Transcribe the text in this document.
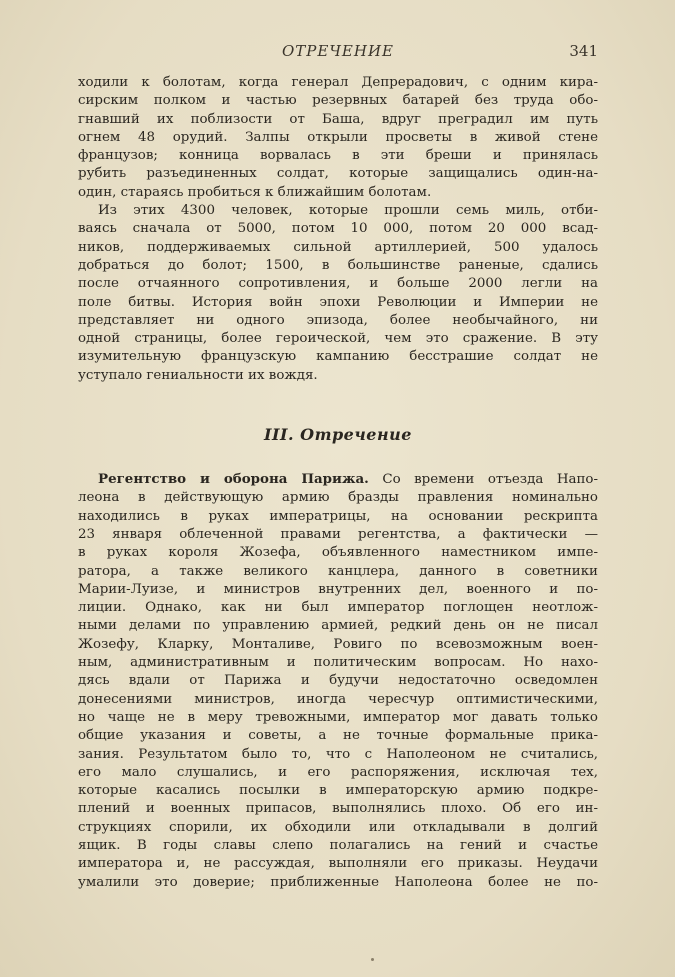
ОТРЕЧЕНИЕ	341
ходили к болотам, когда генерал Депрерадович, с одним кира-
сирским полком и частью резервных батарей без труда обо-
гнавший их поблизости от Баша, вдруг преградил им путь
огнем 48 орудий. Залпы открыли просветы в живой стене
французов; конница ворвалась в эти бреши и принялась
рубить разъединенных солдат, которые защищались один-на-
один, стараясь пробиться к ближайшим болотам.
Из этих 4300 человек, которые прошли семь миль, отби-
ваясь сначала от 5000, потом 10 000, потом 20 000 всад-
ников, поддерживаемых сильной артиллерией, 500 удалось
добраться до болот; 1500, в большинстве раненые, сдались
после отчаянного сопротивления, и больше 2000 легли на
поле битвы. История войн эпохи Революции и Империи не
представляет ни одного эпизода, более необычайного, ни
одной страницы, более героической, чем это сражение. В эту
изумительную французскую кампанию бесстрашие солдат не
уступало гениальности их вождя.
III. Отречение
Регентство и оборона Парижа. Со времени отъезда Напо-
леона в действующую армию бразды правления номинально
находились в руках императрицы, на основании рескрипта
23 января облеченной правами регентства, а фактически —
в руках короля Жозефа, объявленного наместником импе-
ратора, а также великого канцлера, данного в советники
Марии-Луизе, и министров внутренних дел, военного и по-
лиции. Однако, как ни был император поглощен неотлож-
ными делами по управлению армией, редкий день он не писал
Жозефу, Кларку, Монталиве, Ровиго по всевозможным воен-
ным, административным и политическим вопросам. Но нахо-
дясь вдали от Парижа и будучи недостаточно осведомлен
донесениями министров, иногда чересчур оптимистическими,
но чаще не в меру тревожными, император мог давать только
общие указания и советы, а не точные формальные прика-
зания. Результатом было то, что с Наполеоном не считались,
его мало слушались, и его распоряжения, исключая тех,
которые касались посылки в императорскую армию подкре-
плений и военных припасов, выполнялись плохо. Об его ин-
струкциях спорили, их обходили или откладывали в долгий
ящик. В годы славы слепо полагались на гений и счастье
императора и, не рассуждая, выполняли его приказы. Неудачи
умалили это доверие; приближенные Наполеона более не по-
